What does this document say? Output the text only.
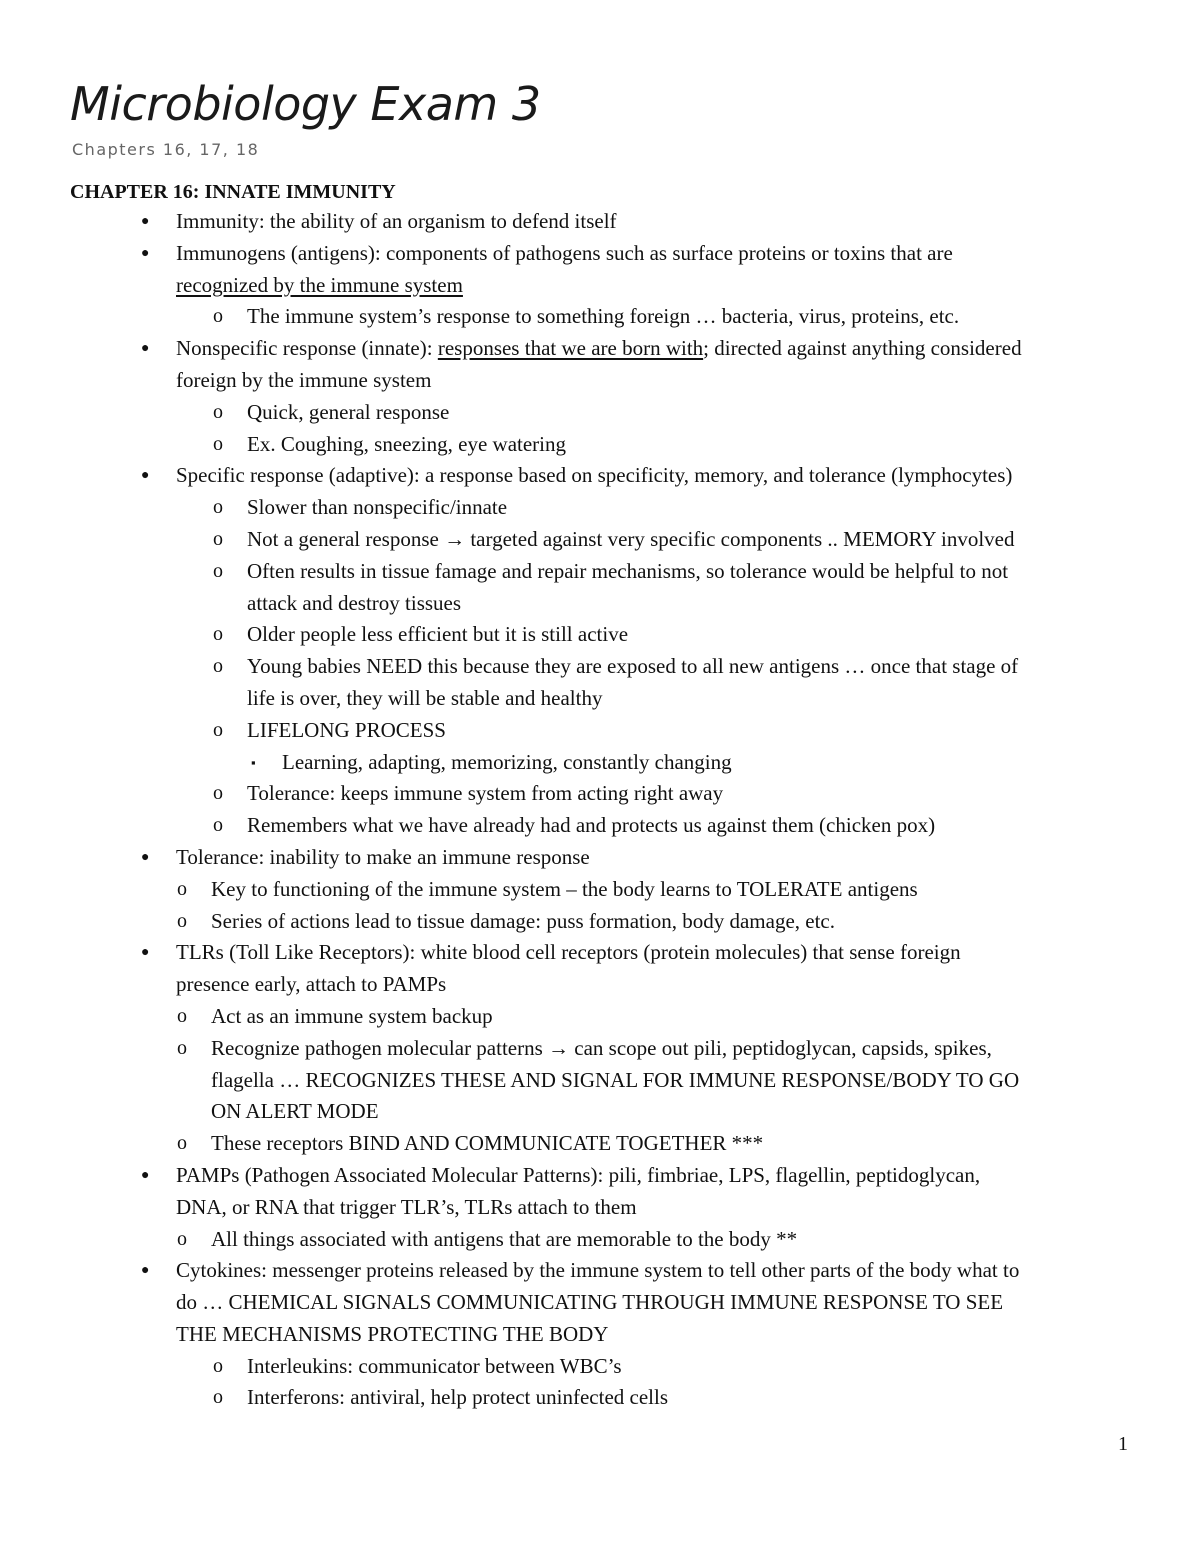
Microbiology Exam 3
Chapters 16, 17, 18
CHAPTER 16: INNATE IMMUNITY
● Immunity: the ability of an organism to defend itself
● Immunogens (antigens): components of pathogens such as surface proteins or toxins that are
recognized by the immune system
o The immune system’s response to something foreign … bacteria, virus, proteins, etc.
● Nonspecific response (innate): responses that we are born with; directed against anything considered
foreign by the immune system
o Quick, general response
o Ex. Coughing, sneezing, eye watering
● Specific response (adaptive): a response based on specificity, memory, and tolerance (lymphocytes)
o Slower than nonspecific/innate
o Not a general response → targeted against very specific components .. MEMORY involved
o Often results in tissue famage and repair mechanisms, so tolerance would be helpful to not
attack and destroy tissues
o Older people less efficient but it is still active
o Young babies NEED this because they are exposed to all new antigens … once that stage of
life is over, they will be stable and healthy
o LIFELONG PROCESS
▪ Learning, adapting, memorizing, constantly changing
o Tolerance: keeps immune system from acting right away
o Remembers what we have already had and protects us against them (chicken pox)
● Tolerance: inability to make an immune response
o Key to functioning of the immune system – the body learns to TOLERATE antigens
o Series of actions lead to tissue damage: puss formation, body damage, etc.
● TLRs (Toll Like Receptors): white blood cell receptors (protein molecules) that sense foreign
presence early, attach to PAMPs
o Act as an immune system backup
o Recognize pathogen molecular patterns → can scope out pili, peptidoglycan, capsids, spikes,
flagella … RECOGNIZES THESE AND SIGNAL FOR IMMUNE RESPONSE/BODY TO GO
ON ALERT MODE
o These receptors BIND AND COMMUNICATE TOGETHER ***
● PAMPs (Pathogen Associated Molecular Patterns): pili, fimbriae, LPS, flagellin, peptidoglycan,
DNA, or RNA that trigger TLR’s, TLRs attach to them
o All things associated with antigens that are memorable to the body **
● Cytokines: messenger proteins released by the immune system to tell other parts of the body what to
do … CHEMICAL SIGNALS COMMUNICATING THROUGH IMMUNE RESPONSE TO SEE
THE MECHANISMS PROTECTING THE BODY
o Interleukins: communicator between WBC’s
o Interferons: antiviral, help protect uninfected cells
1
